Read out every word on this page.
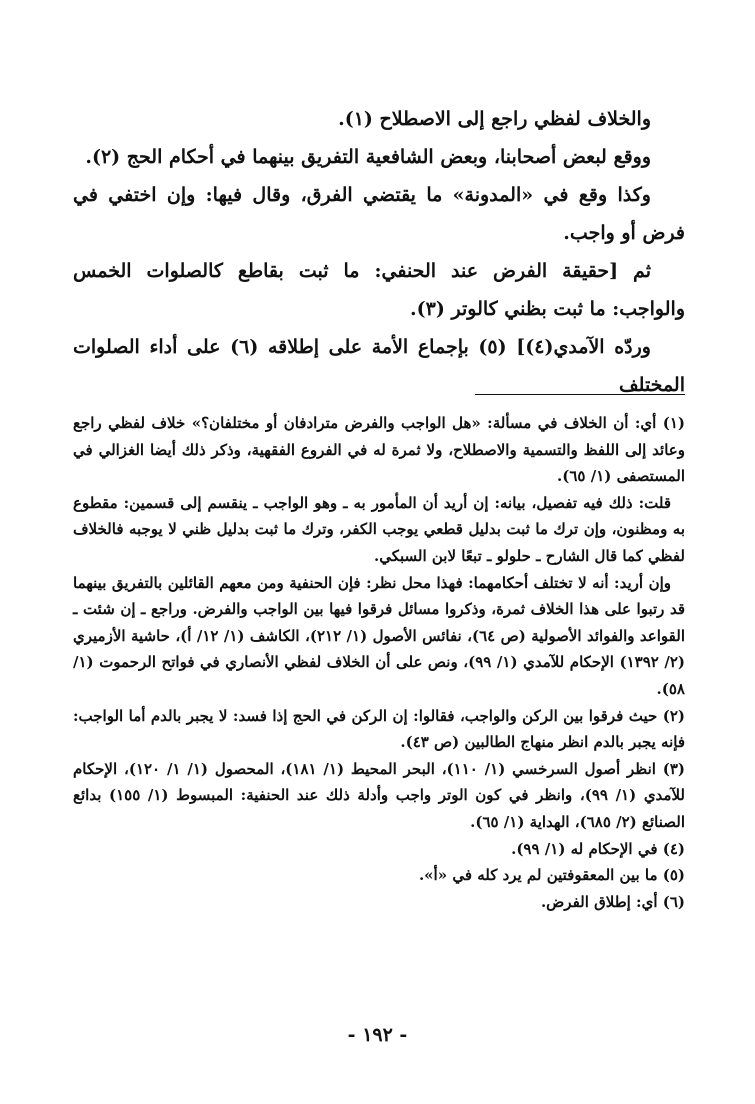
والخلاف لفظي راجع إلى الاصطلاح (١).

ووقع لبعض أصحابنا، وبعض الشافعية التفريق بينهما في أحكام الحج (٢).

وكذا وقع في «المدونة» ما يقتضي الفرق، وقال فيها: وإن اختفي في فرض أو واجب.

ثم [حقيقة الفرض عند الحنفي: ما ثبت بقاطع كالصلوات الخمس والواجب: ما ثبت بظني كالوتر (٣).

وردّه الآمدي(٤)] (٥) بإجماع الأمة على إطلاقه (٦) على أداء الصلوات المختلف

(١) أي: أن الخلاف في مسألة: «هل الواجب والفرض مترادفان أو مختلفان؟» خلاف لفظي راجع وعائد إلى اللفظ والتسمية والاصطلاح، ولا ثمرة له في الفروع الفقهية، وذكر ذلك أيضا الغزالي في المستصفى (١/ ٦٥).

قلت: ذلك فيه تفصيل، بيانه: إن أريد أن المأمور به ـ وهو الواجب ـ ينقسم إلى قسمين: مقطوع به ومظنون، وإن ترك ما ثبت بدليل قطعي يوجب الكفر، وترك ما ثبت بدليل ظني لا يوجبه فالخلاف لفظي كما قال الشارح ـ حلولو ـ تبعًا لابن السبكي.

وإن أريد: أنه لا تختلف أحكامهما: فهذا محل نظر: فإن الحنفية ومن معهم القائلين بالتفريق بينهما قد رتبوا على هذا الخلاف ثمرة، وذكروا مسائل فرقوا فيها بين الواجب والفرض. وراجع ـ إن شئت ـ القواعد والفوائد الأصولية (ص ٦٤)، نفائس الأصول (١/ ٢١٢)، الكاشف (١/ ١٢/ أ)، حاشية الأزميري (٢/ ١٣٩٢) الإحكام للآمدي (١/ ٩٩)، ونص على أن الخلاف لفظي الأنصاري في فواتح الرحموت (١/ ٥٨).

(٢) حيث فرقوا بين الركن والواجب، فقالوا: إن الركن في الحج إذا فسد: لا يجبر بالدم أما الواجب: فإنه يجبر بالدم انظر منهاج الطالبين (ص ٤٣).

(٣) انظر أصول السرخسي (١/ ١١٠)، البحر المحيط (١/ ١٨١)، المحصول (١/ ١/ ١٢٠)، الإحكام للآمدي (١/ ٩٩)، وانظر في كون الوتر واجب وأدلة ذلك عند الحنفية: المبسوط (١/ ١٥٥) بدائع الصنائع (٢/ ٦٨٥)، الهداية (١/ ٦٥).

(٤) في الإحكام له (١/ ٩٩).

(٥) ما بين المعقوفتين لم يرد كله في «أ».

(٦) أي: إطلاق الفرض.

- ١٩٢ -
